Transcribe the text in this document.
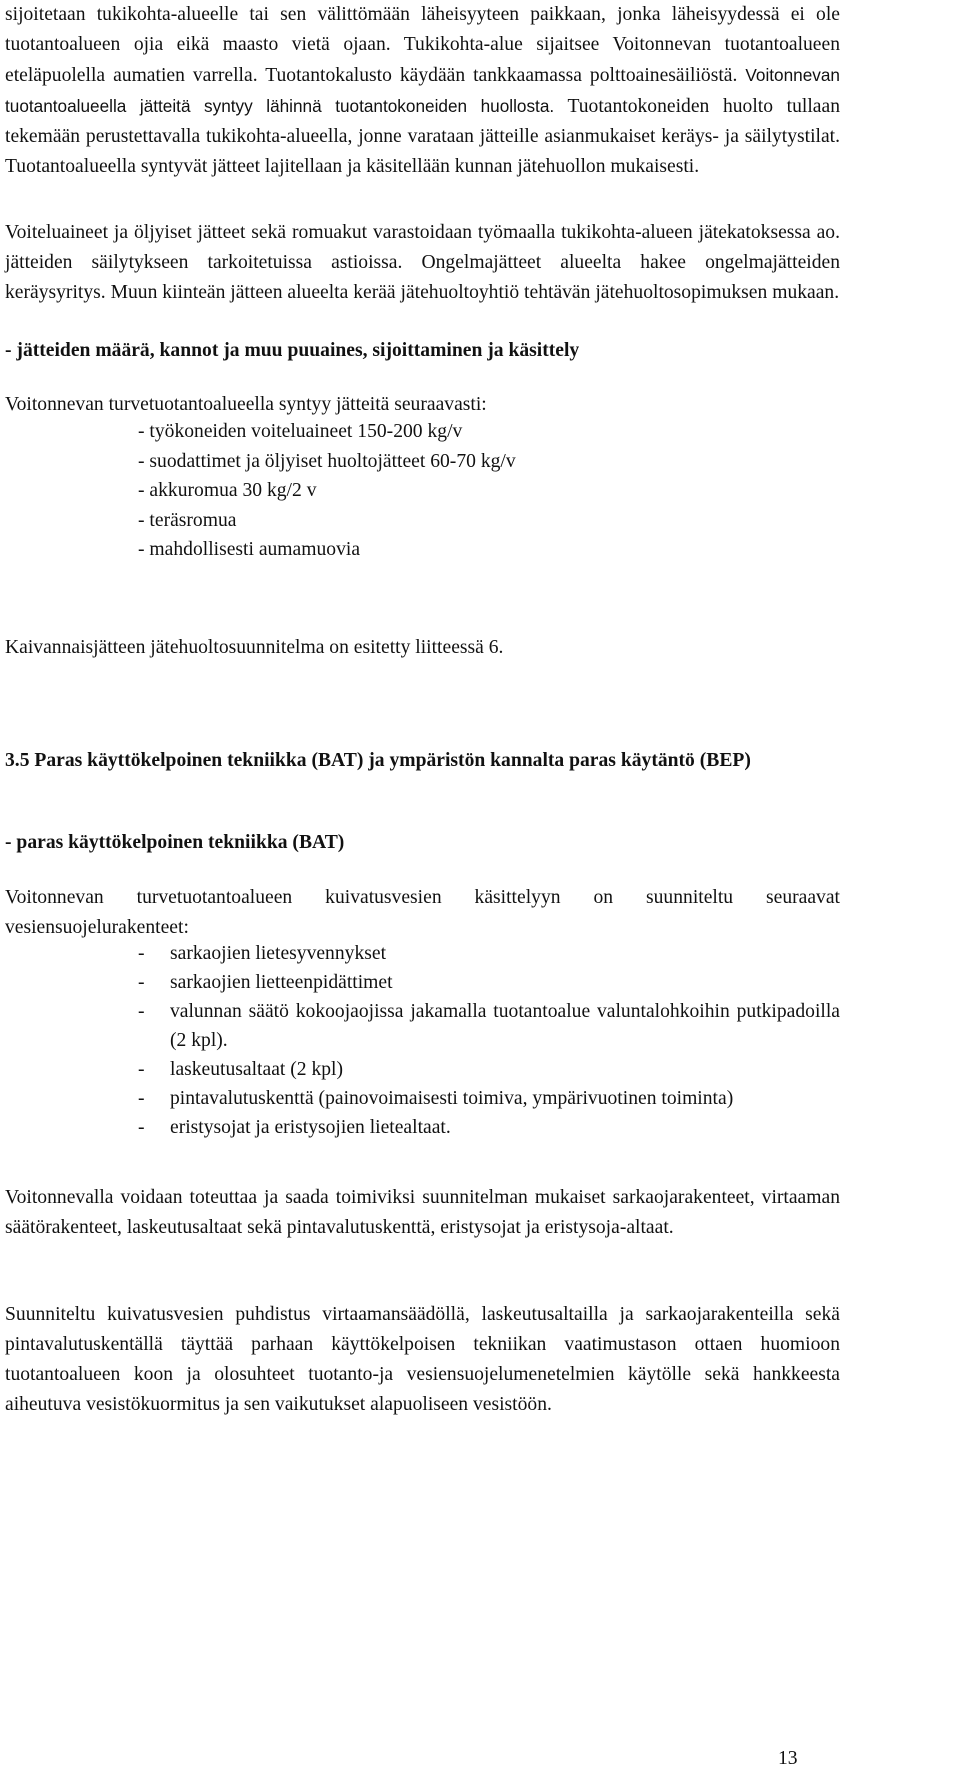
sijoitetaan tukikohta-alueelle tai sen välittömään läheisyyteen paikkaan, jonka läheisyydessä ei ole tuotantoalueen ojia eikä maasto vietä ojaan. Tukikohta-alue sijaitsee Voitonnevan tuotantoalueen eteläpuolella aumatien varrella. Tuotantokalusto käydään tankkaamassa polttoainesäiliöstä. Voitonnevan tuotantoalueella jätteitä syntyy lähinnä tuotantokoneiden huollosta. Tuotantokoneiden huolto tullaan tekemään perustettavalla tukikohta-alueella, jonne varataan jätteille asianmukaiset keräys- ja säilytystilat. Tuotantoalueella syntyvät jätteet lajitellaan ja käsitellään kunnan jätehuollon mukaisesti.

Voiteluaineet ja öljyiset jätteet sekä romuakut varastoidaan työmaalla tukikohta-alueen jätekatoksessa ao. jätteiden säilytykseen tarkoitetuissa astioissa. Ongelmajätteet alueelta hakee ongelmajätteiden keräysyritys. Muun kiinteän jätteen alueelta kerää jätehuoltoyhtiö tehtävän jätehuoltosopimuksen mukaan.

- jätteiden määrä, kannot ja muu puuaines, sijoittaminen ja käsittely

Voitonnevan turvetuotantoalueella syntyy jätteitä seuraavasti:

- työkoneiden voiteluaineet 150-200 kg/v
- suodattimet ja öljyiset huoltojätteet 60-70 kg/v
- akkuromua 30 kg/2 v
- teräsromua
- mahdollisesti aumamuovia

Kaivannaisjätteen jätehuoltosuunnitelma on esitetty liitteessä 6.

3.5 Paras käyttökelpoinen tekniikka (BAT) ja ympäristön kannalta paras käytäntö (BEP)

- paras käyttökelpoinen tekniikka (BAT)

Voitonnevan turvetuotantoalueen kuivatusvesien käsittelyyn on suunniteltu seuraavat vesiensuojelurakenteet:

-	sarkaojien lietesyvennykset
-	sarkaojien lietteenpidättimet
-	valunnan säätö kokoojaojissa jakamalla tuotantoalue valuntalohkoihin putkipadoilla (2 kpl).
-	laskeutusaltaat (2 kpl)
-	pintavalutuskenttä (painovoimaisesti toimiva, ympärivuotinen toiminta)
-	eristysojat ja eristysojien lietealtaat.

Voitonnevalla voidaan toteuttaa ja saada toimiviksi suunnitelman mukaiset sarkaojarakenteet, virtaaman säätörakenteet, laskeutusaltaat sekä pintavalutuskenttä, eristysojat ja eristysoja-altaat.

Suunniteltu kuivatusvesien puhdistus virtaamansäädöllä, laskeutusaltailla ja sarkaojarakenteilla sekä pintavalutuskentällä täyttää parhaan käyttökelpoisen tekniikan vaatimustason ottaen huomioon tuotantoalueen koon ja olosuhteet tuotanto-ja vesiensuojelumenetelmien käytölle sekä hankkeesta aiheutuva vesistökuormitus ja sen vaikutukset alapuoliseen vesistöön.

13
